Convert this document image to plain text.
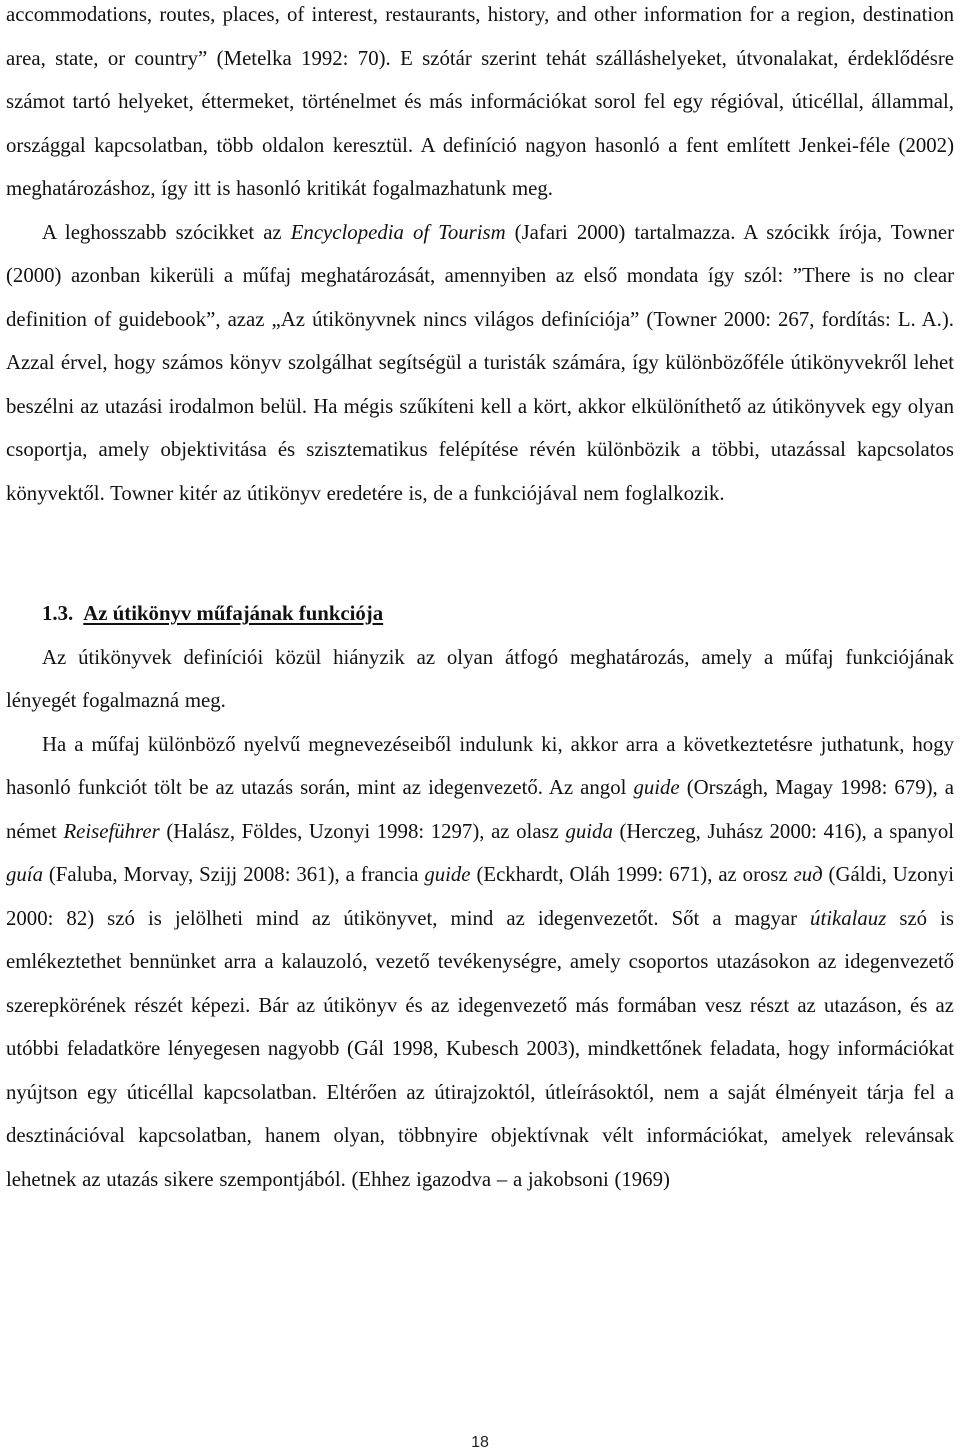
accommodations, routes, places, of interest, restaurants, history, and other information for a region, destination area, state, or country” (Metelka 1992: 70). E szótár szerint tehát szálláshelyeket, útvonalakat, érdeklődésre számot tartó helyeket, éttermeket, történelmet és más információkat sorol fel egy régióval, úticéllal, állammal, országgal kapcsolatban, több oldalon keresztül. A definíció nagyon hasonló a fent említett Jenkei-féle (2002) meghatározáshoz, így itt is hasonló kritikát fogalmazhatunk meg.

A leghosszabb szócikket az Encyclopedia of Tourism (Jafari 2000) tartalmazza. A szócikk írója, Towner (2000) azonban kikerüli a műfaj meghatározását, amennyiben az első mondata így szól: ”There is no clear definition of guidebook”, azaz „Az útikönyvnek nincs világos definíciója” (Towner 2000: 267, fordítás: L. A.). Azzal érvel, hogy számos könyv szolgálhat segítségül a turisták számára, így különbözőféle útikönyvekről lehet beszélni az utazási irodalmon belül. Ha mégis szűkíteni kell a kört, akkor elkülöníthető az útikönyvek egy olyan csoportja, amely objektivitása és szisztematikus felépítése révén különbözik a többi, utazással kapcsolatos könyvektől. Towner kitér az útikönyv eredetére is, de a funkciójával nem foglalkozik.

1.3. Az útikönyv műfajának funkciója

Az útikönyvek definíciói közül hiányzik az olyan átfogó meghatározás, amely a műfaj funkciójának lényegét fogalmazná meg.

Ha a műfaj különböző nyelvű megnevezéseiből indulunk ki, akkor arra a következtetésre juthatunk, hogy hasonló funkciót tölt be az utazás során, mint az idegenvezető. Az angol guide (Országh, Magay 1998: 679), a német Reiseführer (Halász, Földes, Uzonyi 1998: 1297), az olasz guida (Herczeg, Juhász 2000: 416), a spanyol guía (Faluba, Morvay, Szijj 2008: 361), a francia guide (Eckhardt, Oláh 1999: 671), az orosz гид (Gáldi, Uzonyi 2000: 82) szó is jelölheti mind az útikönyvet, mind az idegenvezetőt. Sőt a magyar útikalauz szó is emlékeztethet bennünket arra a kalauzoló, vezető tevékenységre, amely csoportos utazásokon az idegenvezető szerepkörének részét képezi. Bár az útikönyv és az idegenvezető más formában vesz részt az utazáson, és az utóbbi feladatköre lényegesen nagyobb (Gál 1998, Kubesch 2003), mindkettőnek feladata, hogy információkat nyújtson egy úticéllal kapcsolatban. Eltérően az útirajzoktól, útleírásoktól, nem a saját élményeit tárja fel a desztinációval kapcsolatban, hanem olyan, többnyire objektívnak vélt információkat, amelyek relevánsak lehetnek az utazás sikere szempontjából. (Ehhez igazodva – a jakobsoni (1969)

18
